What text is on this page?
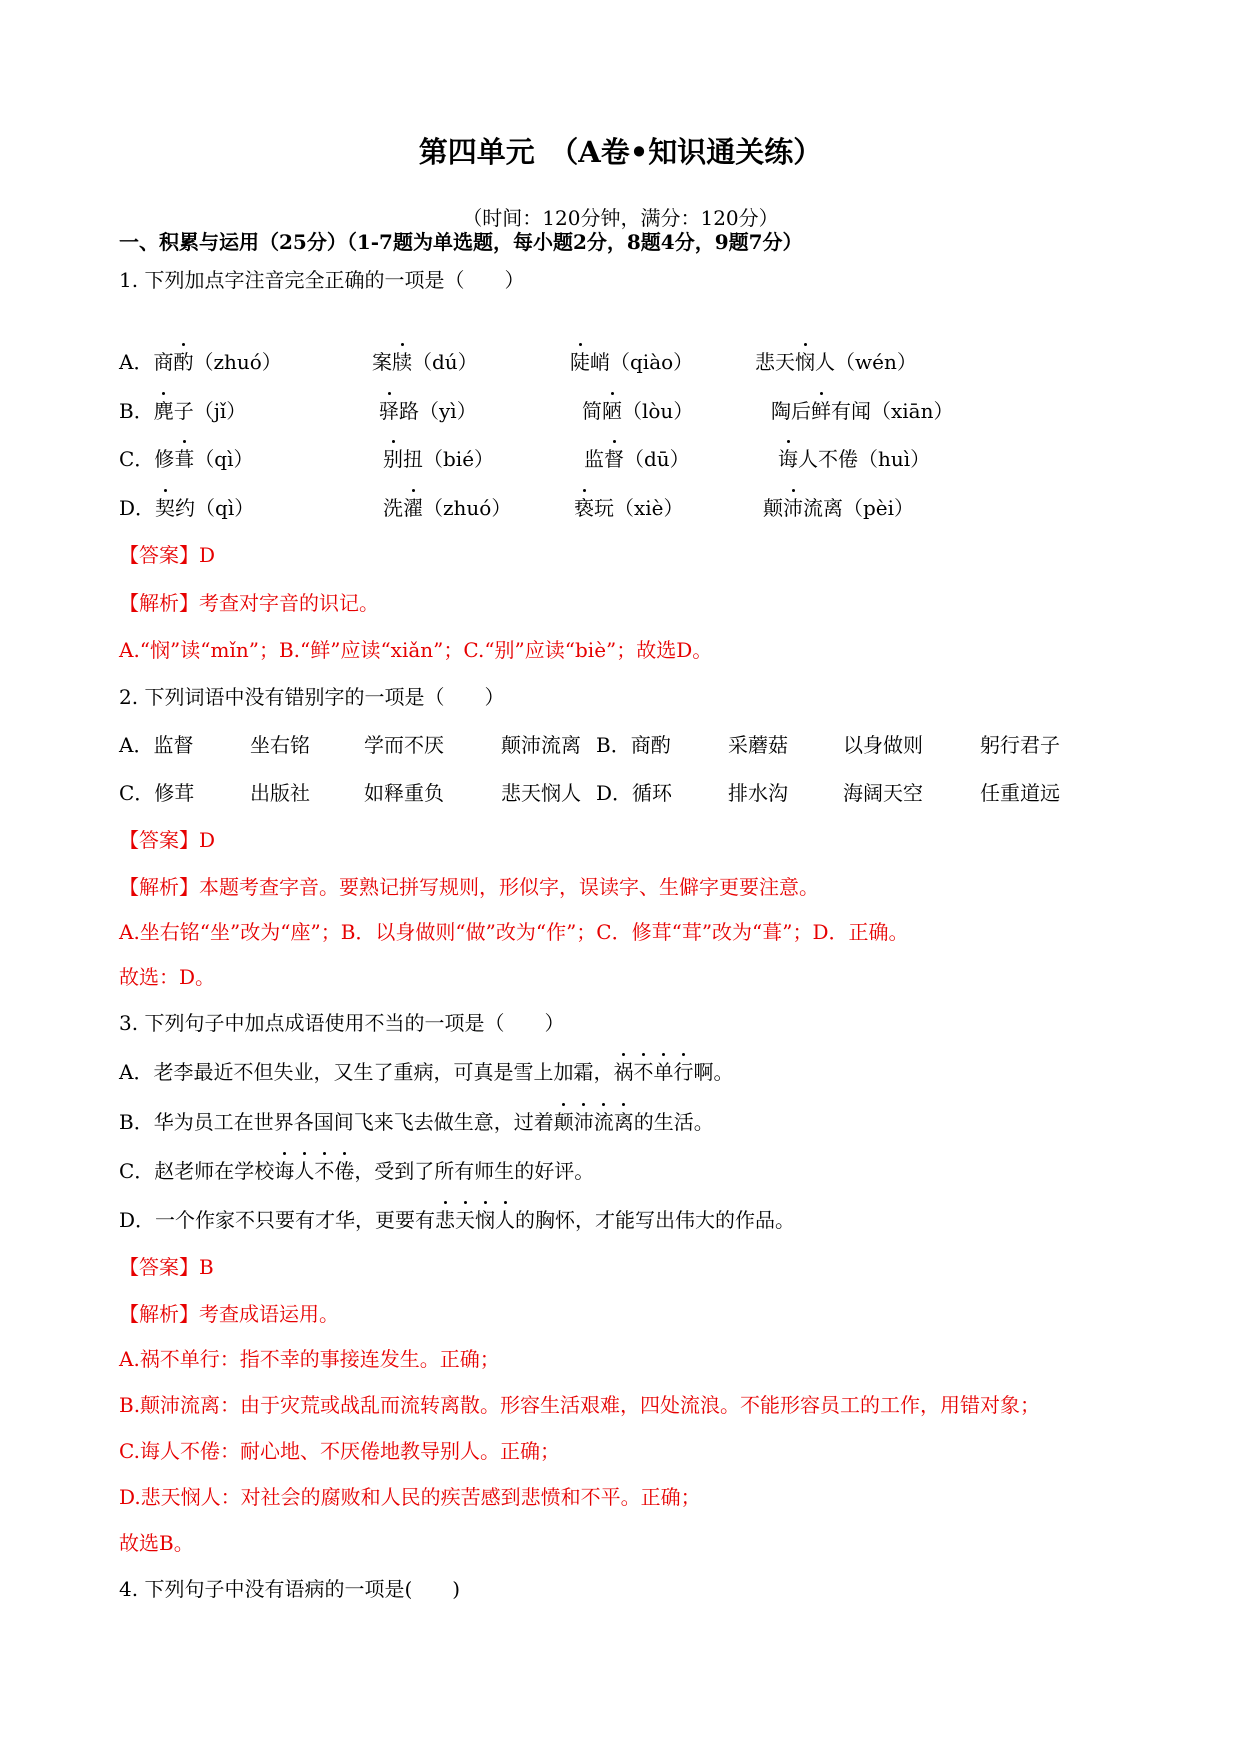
第四单元　（A卷•知识通关练）
（时间：120分钟，满分：120分）
一、积累与运用（25分）（1-7题为单选题，每小题2分，8题4分，9题7分）
1. 下列加点字注音完全正确的一项是（　　）
A．商酌（zhuó）	案牍（dú）	陡峭（qiào）	悲天悯人（wén）
B．麂子（jǐ）	驿路（yì）	简陋（lòu）	陶后鲜有闻（xiān）
C．修葺（qì）	别扭（bié）	监督（dū）	诲人不倦（huì）
D．契约（qì）	洗濯（zhuó）	亵玩（xiè）	颠沛流离（pèi）
【答案】D
【解析】考查对字音的识记。
A.“悯”读“mǐn”；B.“鲜”应读“xiǎn”；C.“别”应读“biè”；故选D。
2. 下列词语中没有错别字的一项是（　　）
A．监督	坐右铭	学而不厌	颠沛流离 B．商酌	采蘑菇	以身做则	躬行君子
C．修茸	出版社	如释重负	悲天悯人 D．循环	排水沟	海阔天空	任重道远
【答案】D
【解析】本题考查字音。要熟记拼写规则，形似字，误读字、生僻字更要注意。
A.坐右铭“坐”改为“座”；B．以身做则“做”改为“作”；C．修茸“茸”改为“葺”；D．正确。
故选：D。
3. 下列句子中加点成语使用不当的一项是（　　）
A．老李最近不但失业，又生了重病，可真是雪上加霜，祸不单行啊。
B．华为员工在世界各国间飞来飞去做生意，过着颠沛流离的生活。
C．赵老师在学校诲人不倦，受到了所有师生的好评。
D．一个作家不只要有才华，更要有悲天悯人的胸怀，才能写出伟大的作品。
【答案】B
【解析】考查成语运用。
A.祸不单行：指不幸的事接连发生。正确；
B.颠沛流离：由于灾荒或战乱而流转离散。形容生活艰难，四处流浪。不能形容员工的工作，用错对象；
C.诲人不倦：耐心地、不厌倦地教导别人。正确；
D.悲天悯人：对社会的腐败和人民的疾苦感到悲愤和不平。正确；
故选B。
4. 下列句子中没有语病的一项是(　　)
